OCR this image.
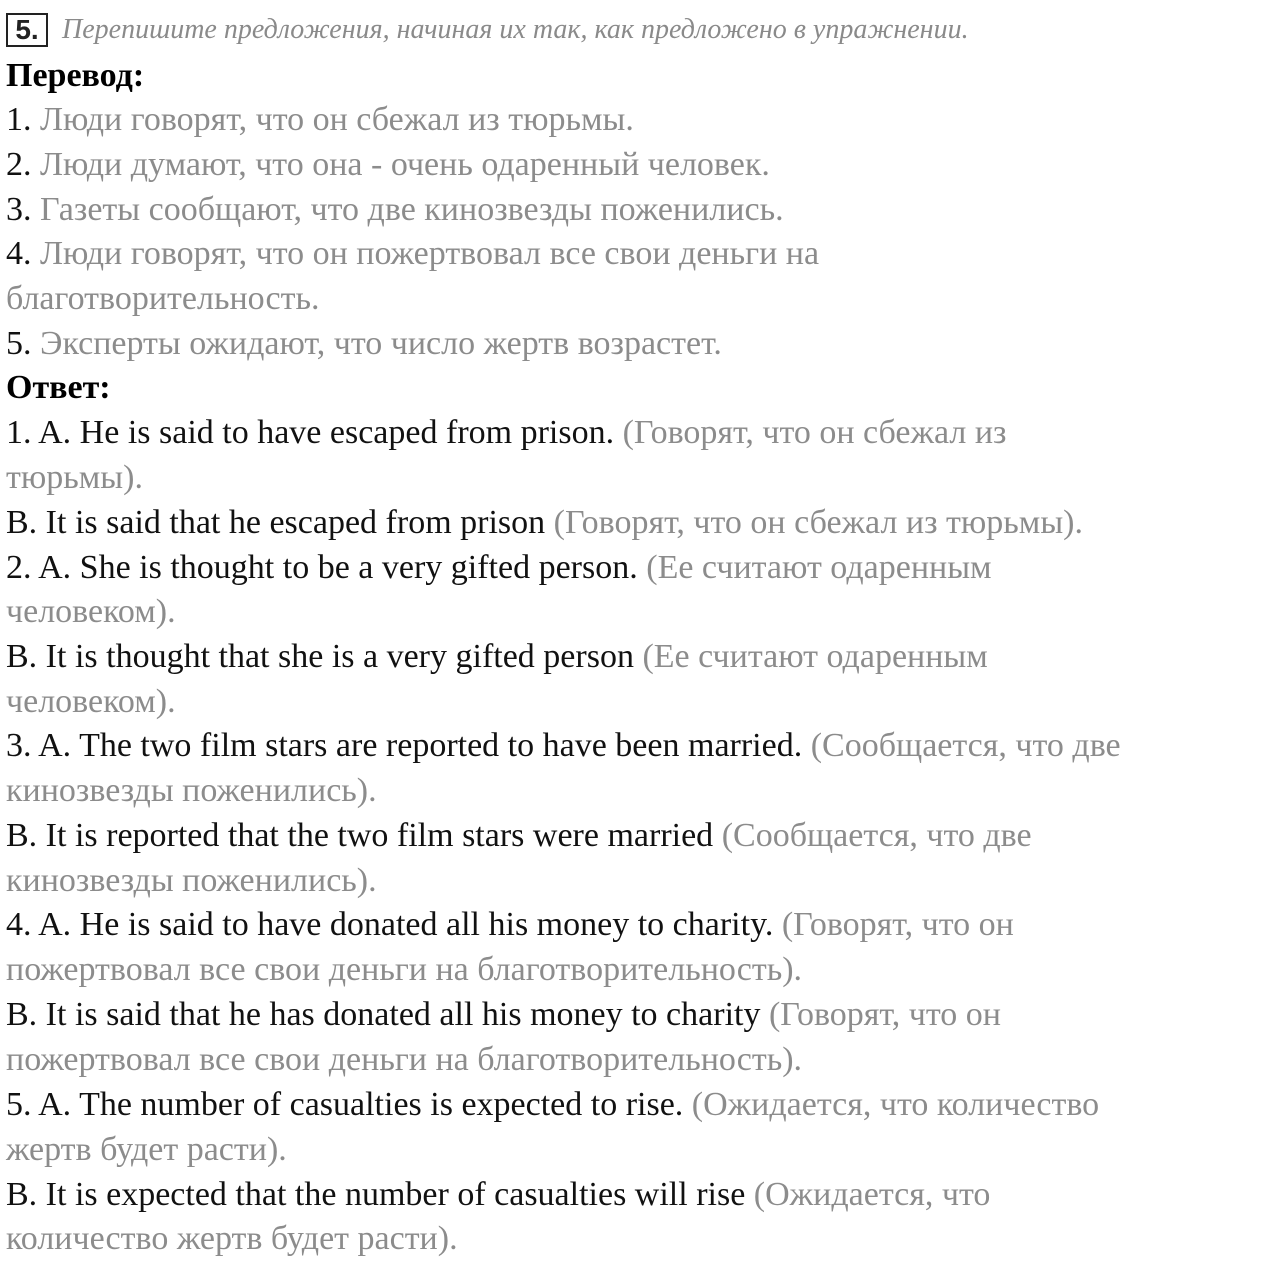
5. Перепишите предложения, начиная их так, как предложено в упражнении.
Перевод:
1. Люди говорят, что он сбежал из тюрьмы.
2. Люди думают, что она - очень одаренный человек.
3. Газеты сообщают, что две кинозвезды поженились.
4. Люди говорят, что он пожертвовал все свои деньги на
благотворительность.
5. Эксперты ожидают, что число жертв возрастет.
Ответ:
1. A. He is said to have escaped from prison. (Говорят, что он сбежал из
тюрьмы).
B. It is said that he escaped from prison (Говорят, что он сбежал из тюрьмы).
2. A. She is thought to be a very gifted person. (Ее считают одаренным
человеком).
B. It is thought that she is a very gifted person (Ее считают одаренным
человеком).
3. A. The two film stars are reported to have been married. (Сообщается, что две
кинозвезды поженились).
B. It is reported that the two film stars were married (Сообщается, что две
кинозвезды поженились).
4. A. He is said to have donated all his money to charity. (Говорят, что он
пожертвовал все свои деньги на благотворительность).
B. It is said that he has donated all his money to charity (Говорят, что он
пожертвовал все свои деньги на благотворительность).
5. A. The number of casualties is expected to rise. (Ожидается, что количество
жертв будет расти).
B. It is expected that the number of casualties will rise (Ожидается, что
количество жертв будет расти).
